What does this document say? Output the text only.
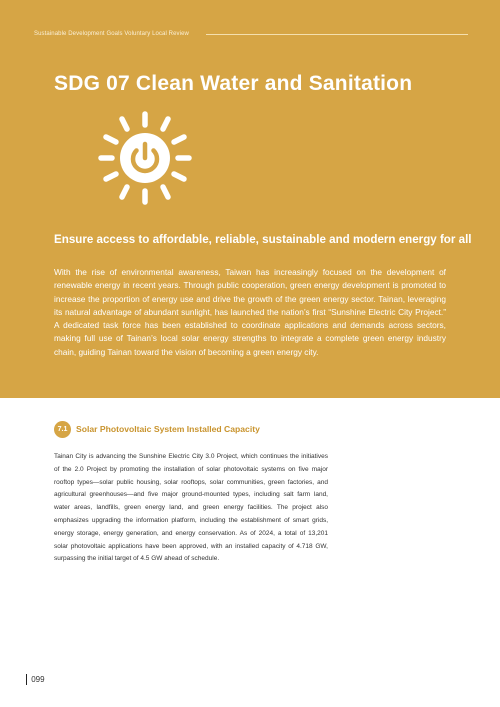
Sustainable Development Goals Voluntary Local Review
SDG 07 Clean Water and Sanitation
Ensure access to affordable, reliable, sustainable and modern energy for all

With the rise of environmental awareness, Taiwan has increasingly focused on the development of renewable energy in recent years. Through public cooperation, green energy development is promoted to increase the proportion of energy use and drive the growth of the green energy sector. Tainan, leveraging its natural advantage of abundant sunlight, has launched the nation’s first “Sunshine Electric City Project.” A dedicated task force has been established to coordinate applications and demands across sectors, making full use of Tainan’s local solar energy strengths to integrate a complete green energy industry chain, guiding Tainan toward the vision of becoming a green energy city.

7.1	Solar Photovoltaic System Installed Capacity

Tainan City is advancing the Sunshine Electric City 3.0 Project, which continues the initiatives of the 2.0 Project by promoting the installation of solar photovoltaic systems on five major rooftop types—solar public housing, solar rooftops, solar communities, green factories, and agricultural greenhouses—and five major ground-mounted types, including salt farm land, water areas, landfills, green energy land, and green energy facilities. The project also emphasizes upgrading the information platform, including the establishment of smart grids, energy storage, energy generation, and energy conservation. As of 2024, a total of 13,201 solar photovoltaic applications have been approved, with an installed capacity of 4.718 GW, surpassing the initial target of 4.5 GW ahead of schedule.

099
